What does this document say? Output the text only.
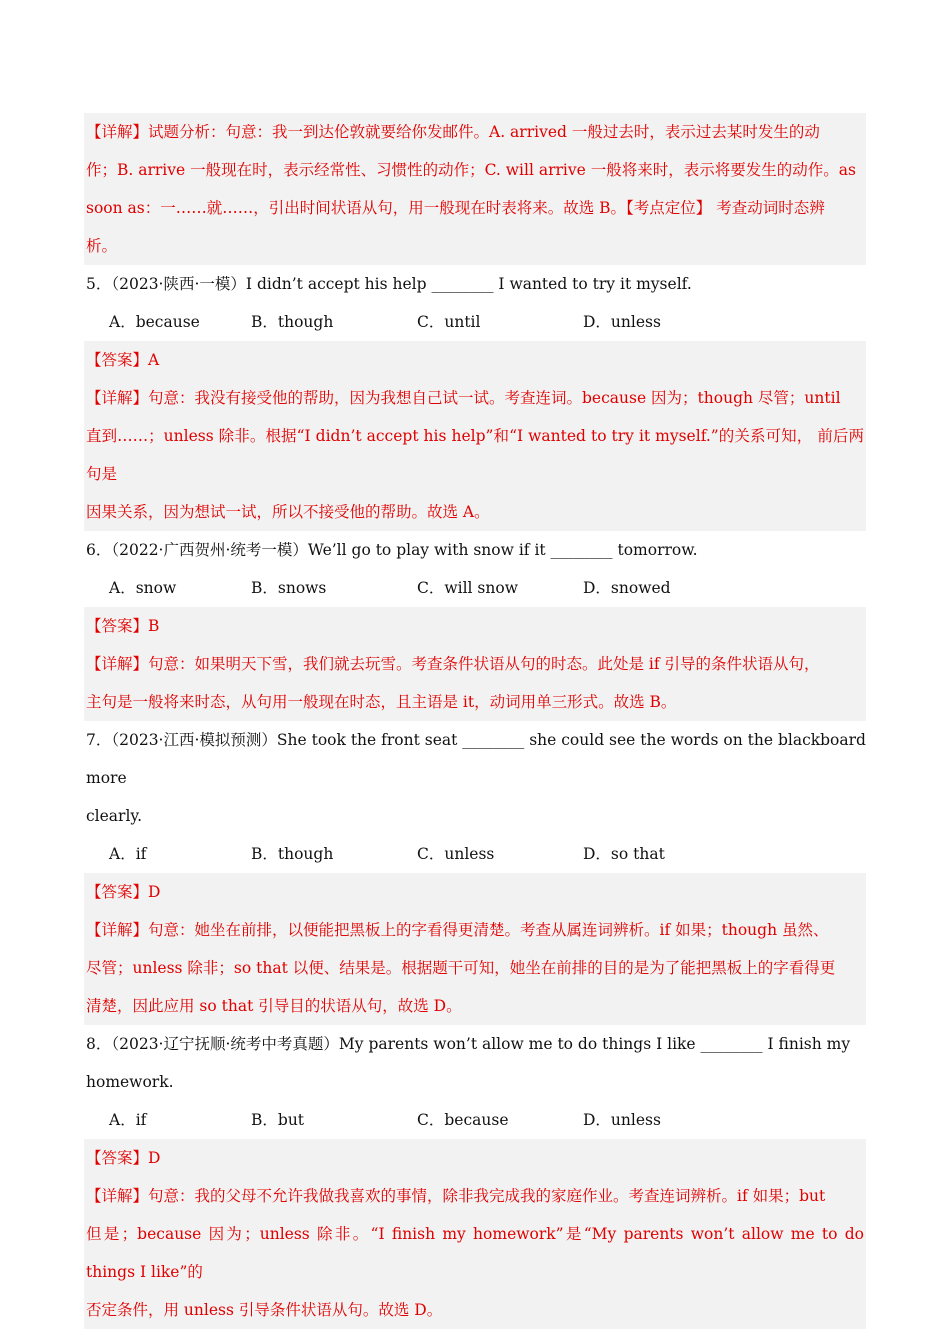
【详解】试题分析：句意：我一到达伦敦就要给你发邮件。A. arrived 一般过去时，表示过去某时发生的动
作；B. arrive 一般现在时，表示经常性、习惯性的动作；C. will arrive 一般将来时，表示将要发生的动作。as
soon as：一……就……，引出时间状语从句，用一般现在时表将来。故选 B。【考点定位】 考查动词时态辨
析。
5．（2023·陕西·一模）I didn’t accept his help ________ I wanted to try it myself.
A．because	B．though	C．until	D．unless
【答案】A
【详解】句意：我没有接受他的帮助，因为我想自己试一试。考查连词。because 因为；though 尽管；until
直到……；unless 除非。根据“I didn’t accept his help”和“I wanted to try it myself.”的关系可知， 前后两句是
因果关系，因为想试一试，所以不接受他的帮助。故选 A。
6．（2022·广西贺州·统考一模）We’ll go to play with snow if it ________ tomorrow.
A．snow	B．snows	C．will snow	D．snowed
【答案】B
【详解】句意：如果明天下雪，我们就去玩雪。考查条件状语从句的时态。此处是 if 引导的条件状语从句，
主句是一般将来时态，从句用一般现在时态，且主语是 it，动词用单三形式。故选 B。
7．（2023·江西·模拟预测）She took the front seat ________ she could see the words on the blackboard more
clearly.
A．if	B．though	C．unless	D．so that
【答案】D
【详解】句意：她坐在前排，以便能把黑板上的字看得更清楚。考查从属连词辨析。if 如果；though 虽然、
尽管；unless 除非；so that 以便、结果是。根据题干可知，她坐在前排的目的是为了能把黑板上的字看得更
清楚，因此应用 so that 引导目的状语从句，故选 D。
8．（2023·辽宁抚顺·统考中考真题）My parents won’t allow me to do things I like ________ I finish my
homework.
A．if	B．but	C．because	D．unless
【答案】D
【详解】句意：我的父母不允许我做我喜欢的事情，除非我完成我的家庭作业。考查连词辨析。if 如果；but
但是；because 因为；unless 除非。“I finish my homework”是“My parents won’t allow me to do things I like”的
否定条件，用 unless 引导条件状语从句。故选 D。
